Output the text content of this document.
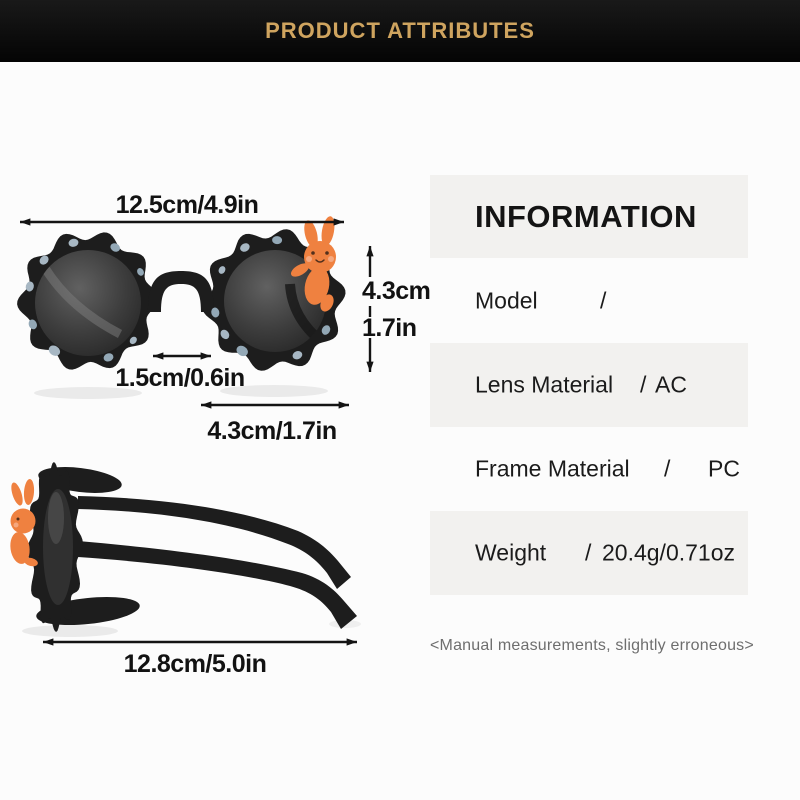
PRODUCT ATTRIBUTES
12.5cm/4.9in
4.3cm
1.7in
1.5cm/0.6in
4.3cm/1.7in
12.8cm/5.0in
INFORMATION
Model	/
Lens Material / AC
Frame Material / PC
Weight / 20.4g/0.71oz
<Manual measurements, slightly erroneous>
